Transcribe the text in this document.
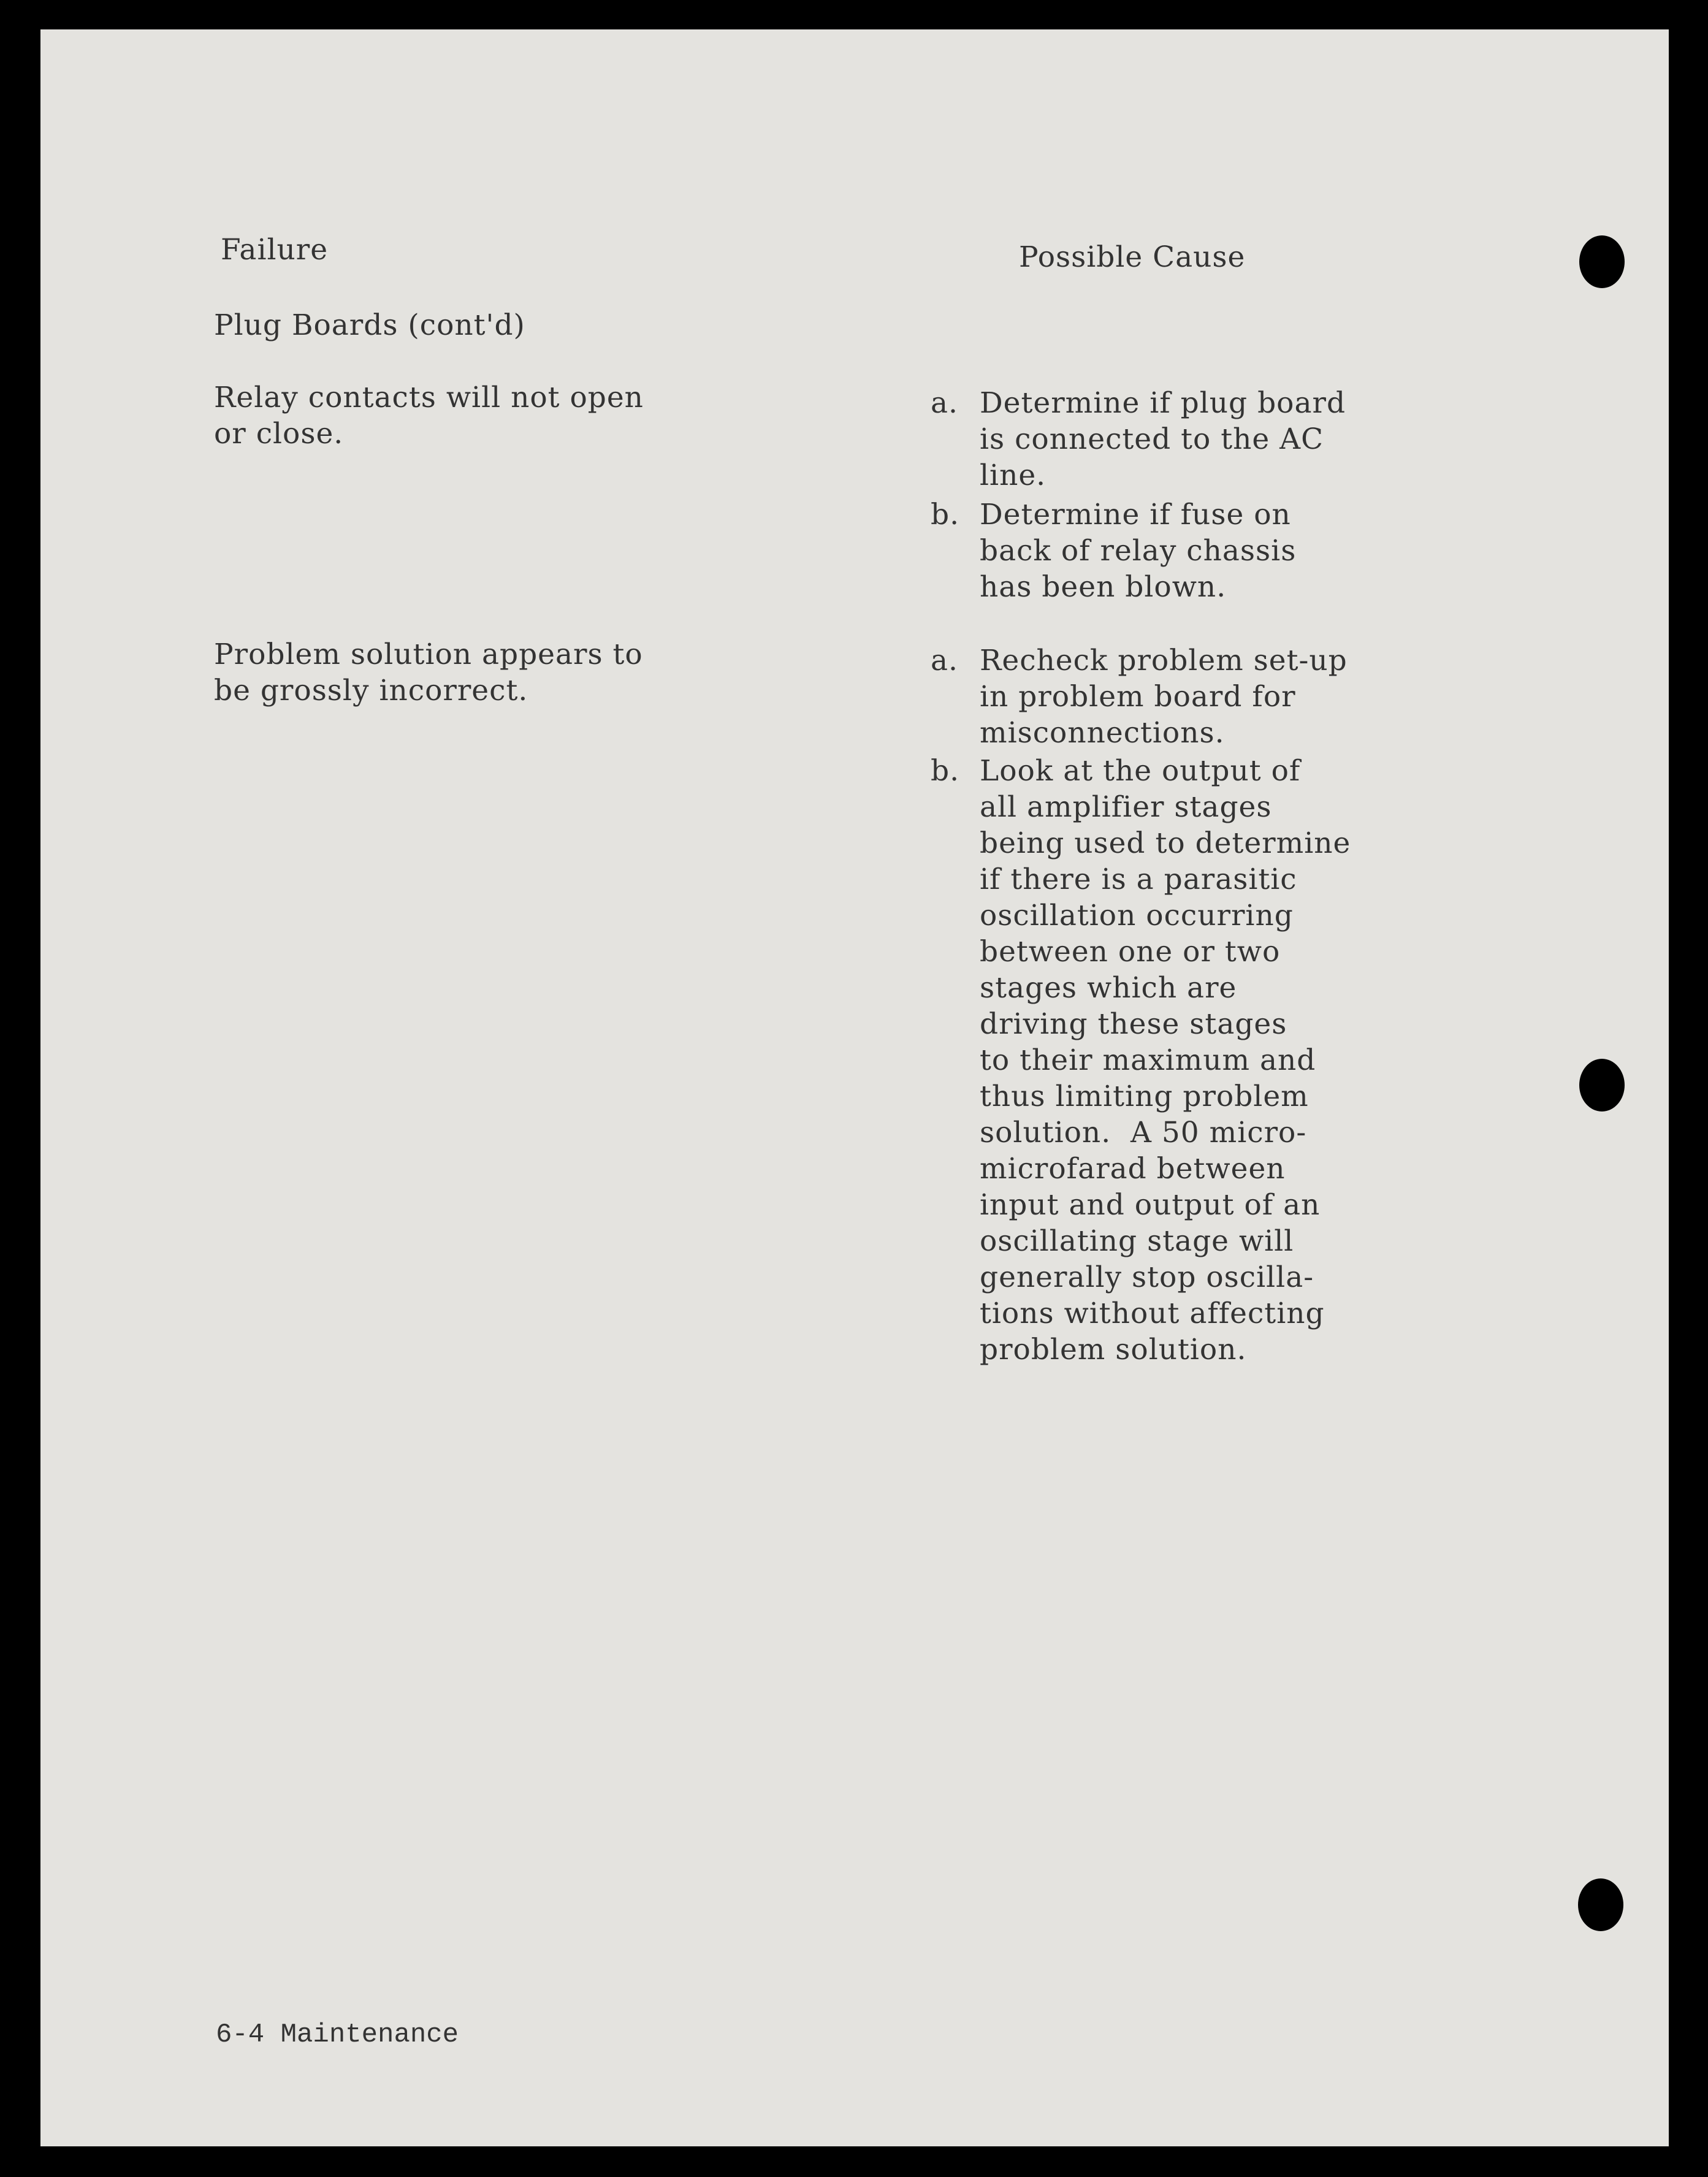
Failure	Possible Cause
Plug Boards (cont'd)
Relay contacts will not open
or close.
a. Determine if plug board
is connected to the AC
line.
b. Determine if fuse on
back of relay chassis
has been blown.
Problem solution appears to
be grossly incorrect.
a. Recheck problem set-up
in problem board for
misconnections.
b. Look at the output of
all amplifier stages
being used to determine
if there is a parasitic
oscillation occurring
between one or two
stages which are
driving these stages
to their maximum and
thus limiting problem
solution.  A 50 micro-
microfarad between
input and output of an
oscillating stage will
generally stop oscilla-
tions without affecting
problem solution.
6-4 Maintenance
